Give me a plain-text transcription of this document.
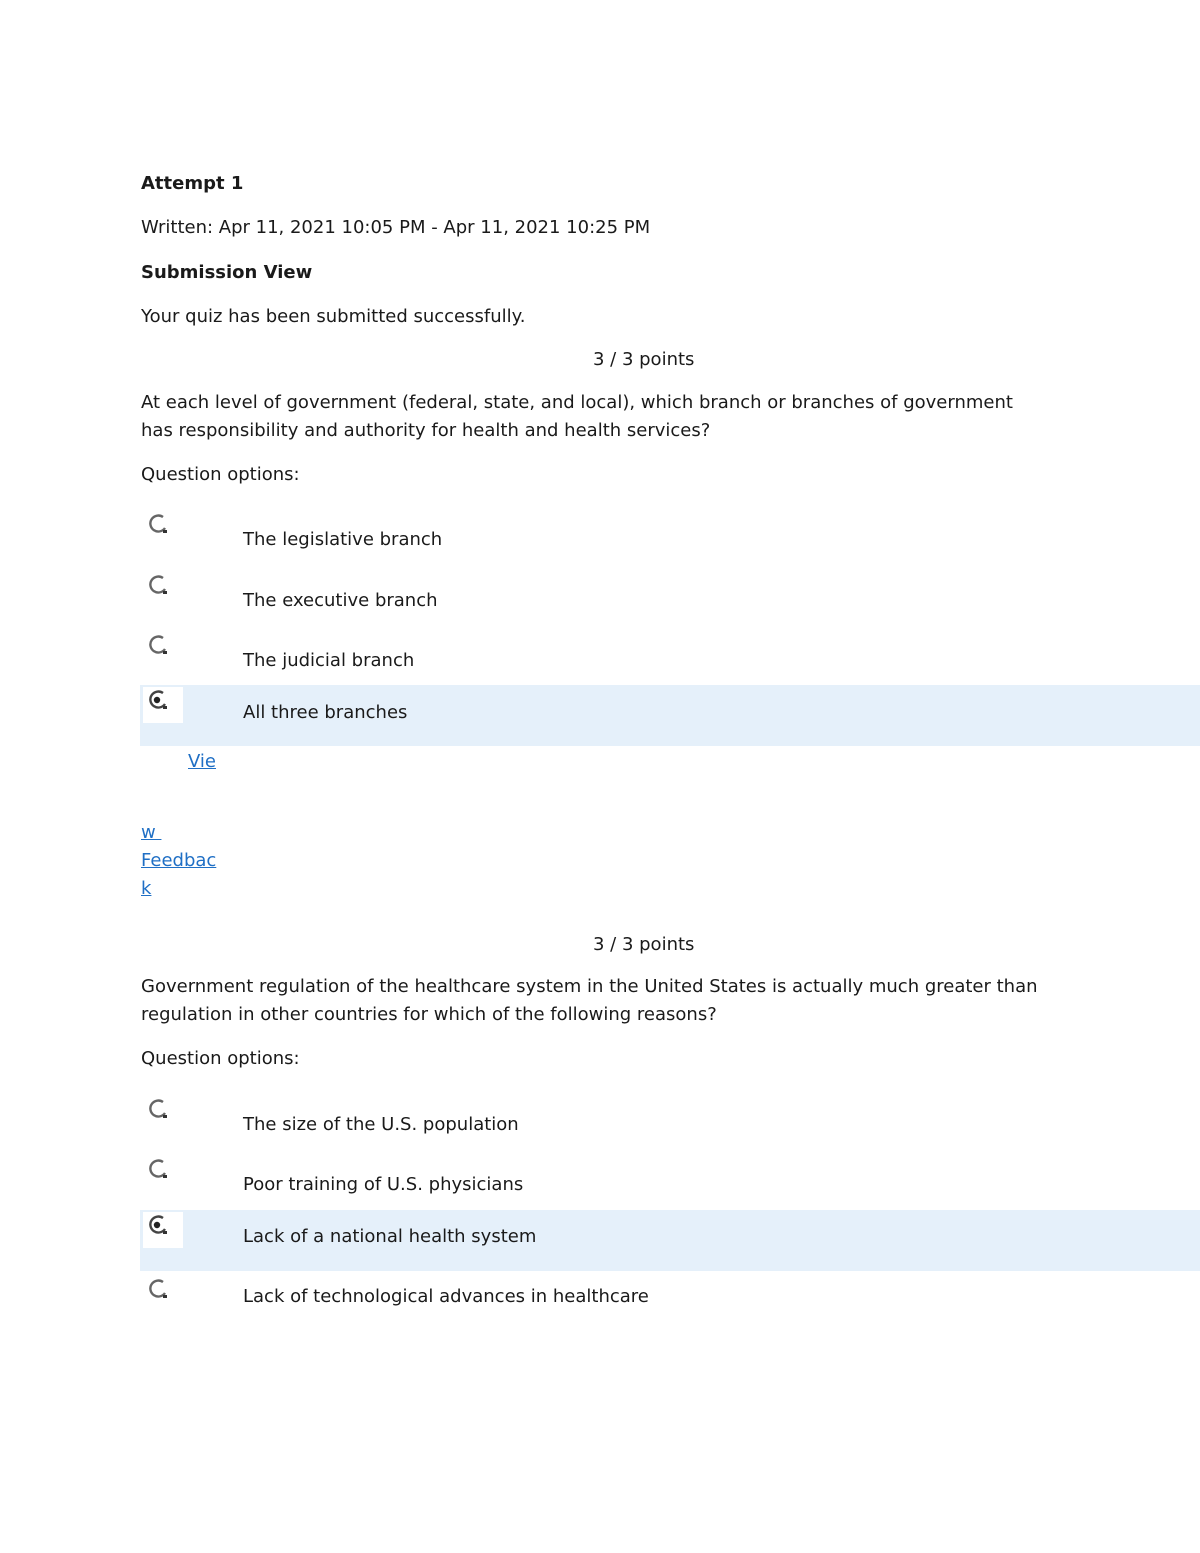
Attempt 1
Written: Apr 11, 2021 10:05 PM - Apr 11, 2021 10:25 PM
Submission View
Your quiz has been submitted successfully.
3 / 3 points
At each level of government (federal, state, and local), which branch or branches of government has responsibility and authority for health and health services?
Question options:
The legislative branch
The executive branch
The judicial branch
All three branches
Vie
w
Feedbac
k
3 / 3 points
Government regulation of the healthcare system in the United States is actually much greater than regulation in other countries for which of the following reasons?
Question options:
The size of the U.S. population
Poor training of U.S. physicians
Lack of a national health system
Lack of technological advances in healthcare
